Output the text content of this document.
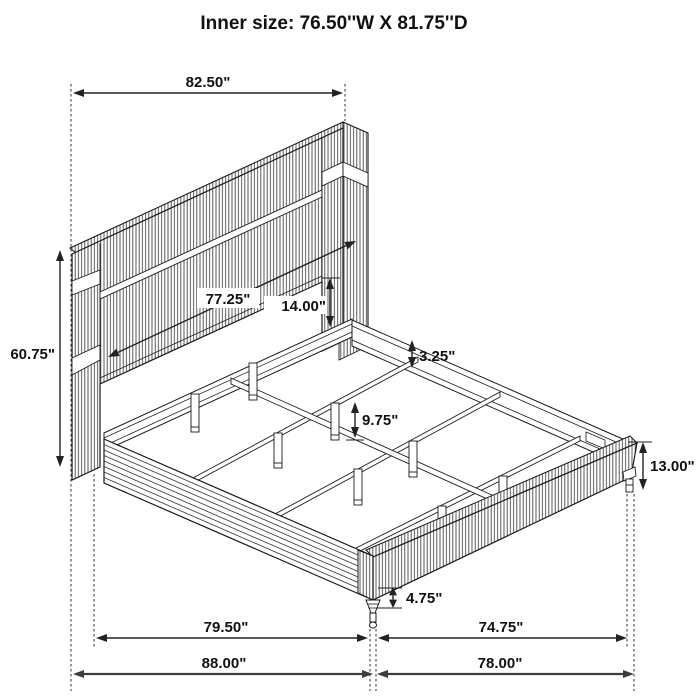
Inner size: 76.50''W X 81.75''D
82.50"
77.25" 14.00"
60.75"	3.25"
9.75"
13.00"
4.75"
79.50"	74.75"
88.00"	78.00"
